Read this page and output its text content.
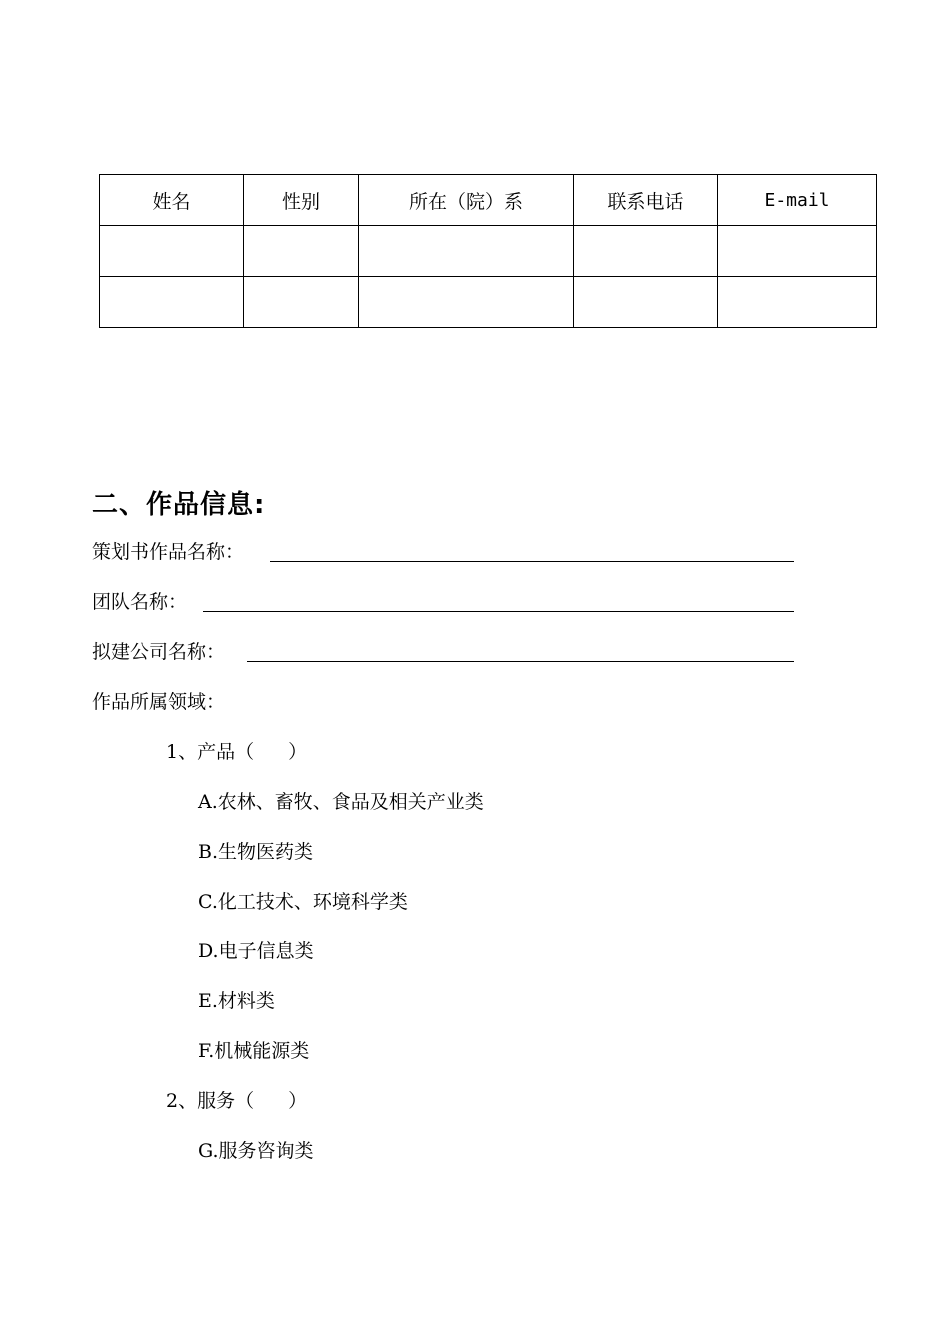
姓名	性别	所在（院）系	联系电话	E-mail

二、作品信息:
策划书作品名称：
团队名称：
拟建公司名称：
作品所属领域：
1、产品（ ）
A.农林、畜牧、食品及相关产业类
B.生物医药类
C.化工技术、环境科学类
D.电子信息类
E.材料类
F.机械能源类
2、服务（ ）
G.服务咨询类
